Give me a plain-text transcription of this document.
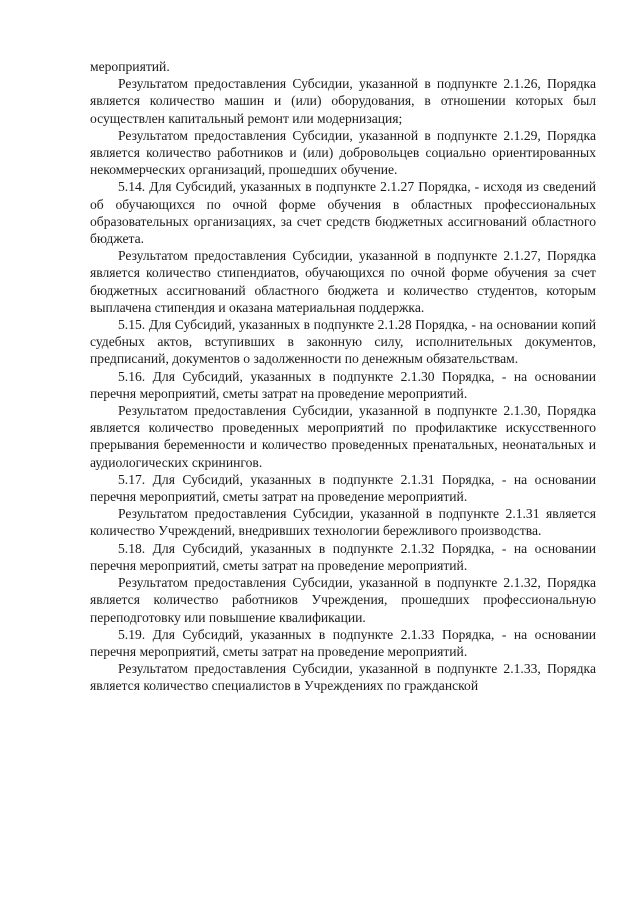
мероприятий.

Результатом предоставления Субсидии, указанной в подпункте 2.1.26, Порядка является количество машин и (или) оборудования, в отношении которых был осуществлен капитальный ремонт или модернизация;

Результатом предоставления Субсидии, указанной в подпункте 2.1.29, Порядка является количество работников и (или) добровольцев социально ориентированных некоммерческих организаций, прошедших обучение.

5.14. Для Субсидий, указанных в подпункте 2.1.27 Порядка, - исходя из сведений об обучающихся по очной форме обучения в областных профессиональных образовательных организациях, за счет средств бюджетных ассигнований областного бюджета.

Результатом предоставления Субсидии, указанной в подпункте 2.1.27, Порядка является количество стипендиатов, обучающихся по очной форме обучения за счет бюджетных ассигнований областного бюджета и количество студентов, которым выплачена стипендия и оказана материальная поддержка.

5.15. Для Субсидий, указанных в подпункте 2.1.28 Порядка, - на основании копий судебных актов, вступивших в законную силу, исполнительных документов, предписаний, документов о задолженности по денежным обязательствам.

5.16. Для Субсидий, указанных в подпункте 2.1.30 Порядка, - на основании перечня мероприятий, сметы затрат на проведение мероприятий.

Результатом предоставления Субсидии, указанной в подпункте 2.1.30, Порядка является количество проведенных мероприятий по профилактике искусственного прерывания беременности и количество проведенных пренатальных, неонатальных и аудиологических скринингов.

5.17. Для Субсидий, указанных в подпункте 2.1.31 Порядка, - на основании перечня мероприятий, сметы затрат на проведение мероприятий.

Результатом предоставления Субсидии, указанной в подпункте 2.1.31 является количество Учреждений, внедривших технологии бережливого производства.

5.18. Для Субсидий, указанных в подпункте 2.1.32 Порядка, - на основании перечня мероприятий, сметы затрат на проведение мероприятий.

Результатом предоставления Субсидии, указанной в подпункте 2.1.32, Порядка является количество работников Учреждения, прошедших профессиональную переподготовку или повышение квалификации.

5.19. Для Субсидий, указанных в подпункте 2.1.33 Порядка, - на основании перечня мероприятий, сметы затрат на проведение мероприятий.

Результатом предоставления Субсидии, указанной в подпункте 2.1.33, Порядка является количество специалистов в Учреждениях по гражданской
